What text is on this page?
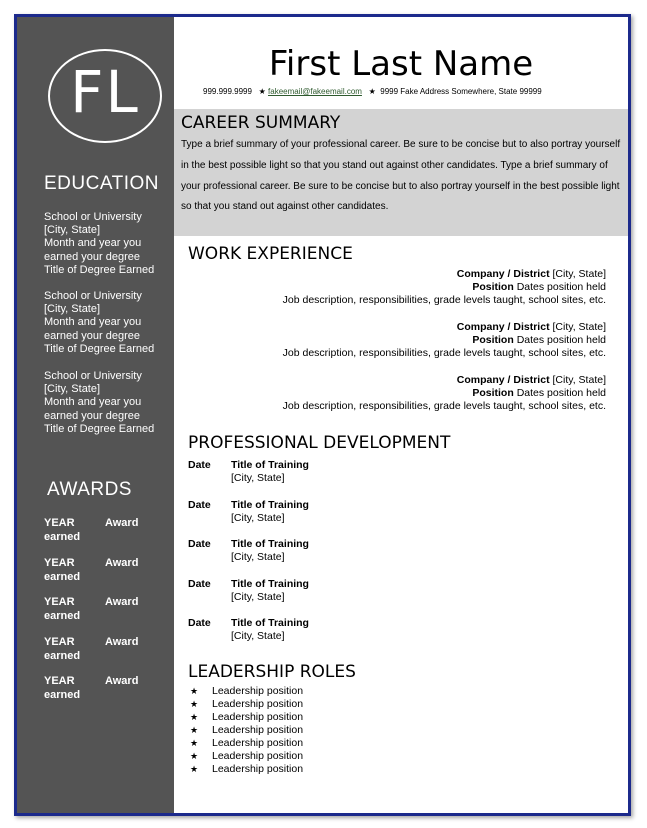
FL
EDUCATION
School or University
[City, State]
Month and year you earned your degree
Title of Degree Earned
School or University
[City, State]
Month and year you earned your degree
Title of Degree Earned
School or University
[City, State]
Month and year you earned your degree
Title of Degree Earned
AWARDS
YEAR earned
Award
YEAR earned
Award
YEAR earned
Award
YEAR earned
Award
YEAR earned
Award
First Last Name
999.999.9999 ★ fakeemail@fakeemail.com ★ 9999 Fake Address Somewhere, State 99999
CAREER SUMMARY
Type a brief summary of your professional career. Be sure to be concise but to also portray yourself in the best possible light so that you stand out against other candidates. Type a brief summary of your professional career. Be sure to be concise but to also portray yourself in the best possible light so that you stand out against other candidates.
WORK EXPERIENCE
Company / District [City, State]
Position Dates position held
Job description, responsibilities, grade levels taught, school sites, etc.
Company / District [City, State]
Position Dates position held
Job description, responsibilities, grade levels taught, school sites, etc.
Company / District [City, State]
Position Dates position held
Job description, responsibilities, grade levels taught, school sites, etc.
PROFESSIONAL DEVELOPMENT
Date Title of Training
[City, State]
Date Title of Training
[City, State]
Date Title of Training
[City, State]
Date Title of Training
[City, State]
Date Title of Training
[City, State]
LEADERSHIP ROLES
★ Leadership position
★ Leadership position
★ Leadership position
★ Leadership position
★ Leadership position
★ Leadership position
★ Leadership position
